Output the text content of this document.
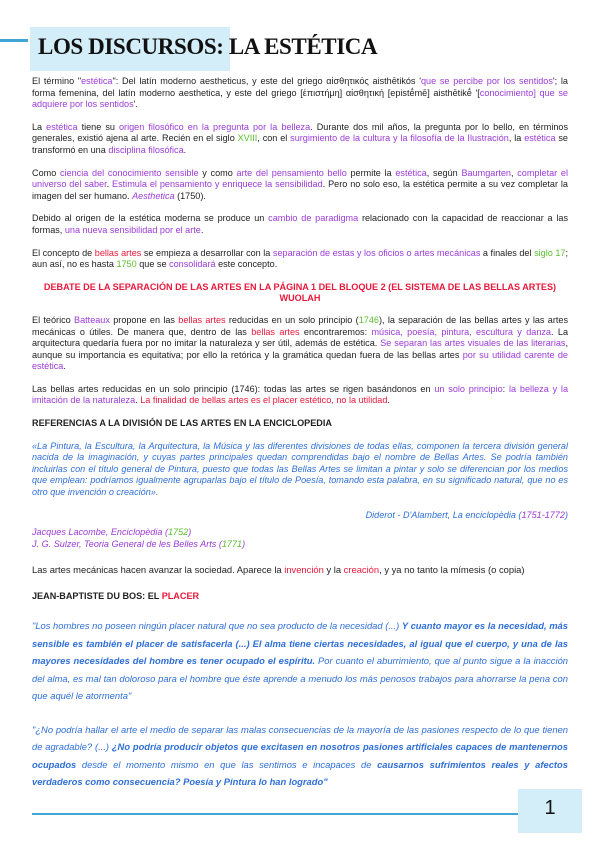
LOS DISCURSOS: LA ESTÉTICA

El término "estética": Del latín moderno aestheticus, y este del griego αἰσθητικός aisthētikós 'que se percibe por los sentidos'; la forma femenina, del latín moderno aesthetica, y este del griego [ἐπιστήμη] αἰσθητική [epistḗmē] aisthētikḗ '[conocimiento] que se adquiere por los sentidos'.

La estética tiene su origen filosófico en la pregunta por la belleza. Durante dos mil años, la pregunta por lo bello, en términos generales, existió ajena al arte. Recién en el siglo XVIII, con el surgimiento de la cultura y la filosofía de la Ilustración, la estética se transformó en una disciplina filosófica.

Como ciencia del conocimiento sensible y como arte del pensamiento bello permite la estética, según Baumgarten, completar el universo del saber. Estimula el pensamiento y enriquece la sensibilidad. Pero no solo eso, la estética permite a su vez completar la imagen del ser humano. Aesthetica (1750).

Debido al origen de la estética moderna se produce un cambio de paradigma relacionado con la capacidad de reaccionar a las formas, una nueva sensibilidad por el arte.

El concepto de bellas artes se empieza a desarrollar con la separación de estas y los oficios o artes mecánicas a finales del siglo 17; aun así, no es hasta 1750 que se consolidará este concepto.

DEBATE DE LA SEPARACIÓN DE LAS ARTES EN LA PÁGINA 1 DEL BLOQUE 2 (EL SISTEMA DE LAS BELLAS ARTES) WUOLAH

El teórico Batteaux propone en las bellas artes reducidas en un solo principio (1746), la separación de las bellas artes y las artes mecánicas o útiles. De manera que, dentro de las bellas artes encontraremos: música, poesía, pintura, escultura y danza. La arquitectura quedaría fuera por no imitar la naturaleza y ser útil, además de estética. Se separan las artes visuales de las literarias, aunque su importancia es equitativa; por ello la retórica y la gramática quedan fuera de las bellas artes por su utilidad carente de estética.

Las bellas artes reducidas en un solo principio (1746): todas las artes se rigen basándonos en un solo principio: la belleza y la imitación de la naturaleza. La finalidad de bellas artes es el placer estético, no la utilidad.

REFERENCIAS A LA DIVISIÓN DE LAS ARTES EN LA ENCICLOPEDIA

«La Pintura, la Escultura, la Arquitectura, la Música y las diferentes divisiones de todas ellas, componen la tercera división general nacida de la imaginación, y cuyas partes principales quedan comprendidas bajo el nombre de Bellas Artes. Se podría también incluirlas con el título general de Pintura, puesto que todas las Bellas Artes se limitan a pintar y solo se diferencian por los medios que emplean: podríamos igualmente agruparlas bajo el título de Poesía, tomando esta palabra, en su significado natural, que no es otro que invención o creación».

Diderot - D'Alambert, La enciclopèdia (1751-1772)

Jacques Lacombe, Enciclopèdia (1752)

J. G. Sulzer, Teoria General de les Belles Arts (1771)

Las artes mecánicas hacen avanzar la sociedad. Aparece la invención y la creación, y ya no tanto la mímesis (o copia)

JEAN-BAPTISTE DU BOS: EL PLACER

"Los hombres no poseen ningún placer natural que no sea producto de la necesidad (...) Y cuanto mayor es la necesidad, más sensible es también el placer de satisfacerla (...) El alma tiene ciertas necesidades, al igual que el cuerpo, y una de las mayores necesidades del hombre es tener ocupado el espíritu. Por cuanto el aburrimiento, que al punto sigue a la inacción del alma, es mal tan doloroso para el hombre que éste aprende a menudo los más penosos trabajos para ahorrarse la pena con que aquél le atormenta"

"¿No podría hallar el arte el medio de separar las malas consecuencias de la mayoría de las pasiones respecto de lo que tienen de agradable? (...) ¿No podría producir objetos que excitasen en nosotros pasiones artificiales capaces de mantenernos ocupados desde el momento mismo en que las sentimos e incapaces de causarnos sufrimientos reales y afectos verdaderos como consecuencia? Poesía y Pintura lo han logrado"

1
